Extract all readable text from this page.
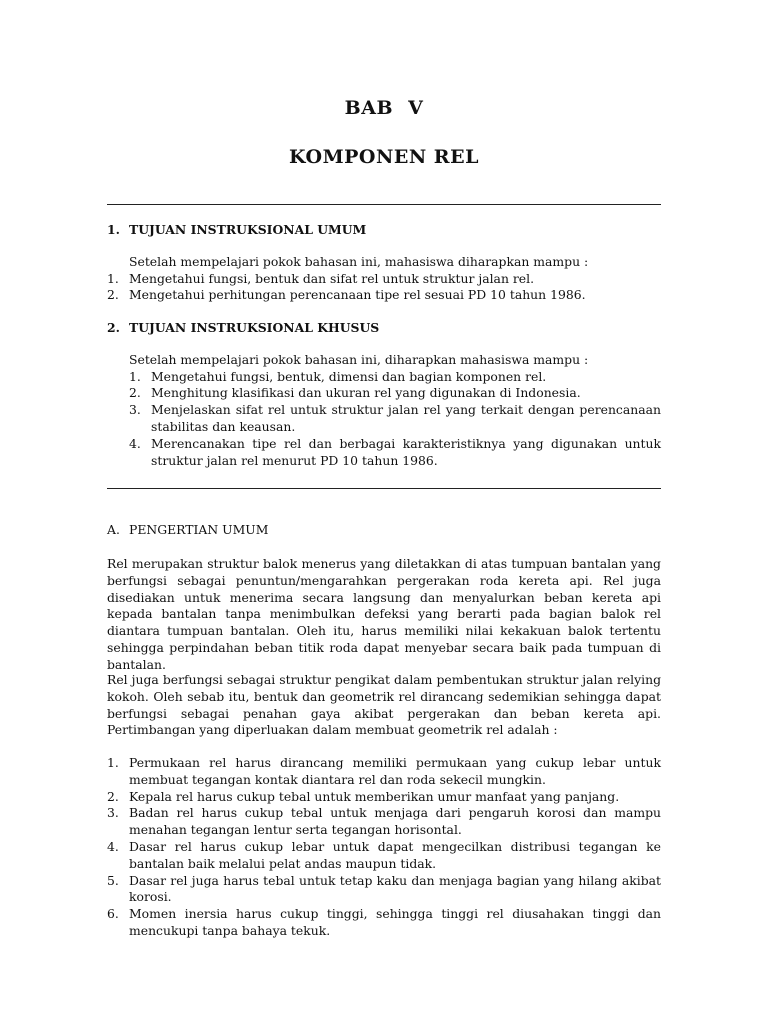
BAB V
KOMPONEN REL
1. TUJUAN INSTRUKSIONAL UMUM
Setelah mempelajari pokok bahasan ini, mahasiswa diharapkan mampu :
1. Mengetahui fungsi, bentuk dan sifat rel untuk struktur jalan rel.
2. Mengetahui perhitungan perencanaan tipe rel sesuai PD 10 tahun 1986.
2. TUJUAN INSTRUKSIONAL KHUSUS
Setelah mempelajari pokok bahasan ini, diharapkan mahasiswa mampu :
1. Mengetahui fungsi, bentuk, dimensi dan bagian komponen rel.
2. Menghitung klasifikasi dan ukuran rel yang digunakan di Indonesia.
3. Menjelaskan sifat rel untuk struktur jalan rel yang terkait dengan perencanaan stabilitas dan keausan.
4. Merencanakan tipe rel dan berbagai karakteristiknya yang digunakan untuk struktur jalan rel menurut PD 10 tahun 1986.
A. PENGERTIAN UMUM
Rel merupakan struktur balok menerus yang diletakkan di atas tumpuan bantalan yang berfungsi sebagai penuntun/mengarahkan pergerakan roda kereta api. Rel juga disediakan untuk menerima secara langsung dan menyalurkan beban kereta api kepada bantalan tanpa menimbulkan defeksi yang berarti pada bagian balok rel diantara tumpuan bantalan. Oleh itu, harus memiliki nilai kekakuan balok tertentu sehingga perpindahan beban titik roda dapat menyebar secara baik pada tumpuan di bantalan.
Rel juga berfungsi sebagai struktur pengikat dalam pembentukan struktur jalan relying kokoh. Oleh sebab itu, bentuk dan geometrik rel dirancang sedemikian sehingga dapat berfungsi sebagai penahan gaya akibat pergerakan dan beban kereta api. Pertimbangan yang diperluakan dalam membuat geometrik rel adalah :
1. Permukaan rel harus dirancang memiliki permukaan yang cukup lebar untuk membuat tegangan kontak diantara rel dan roda sekecil mungkin.
2. Kepala rel harus cukup tebal untuk memberikan umur manfaat yang panjang.
3. Badan rel harus cukup tebal untuk menjaga dari pengaruh korosi dan mampu menahan tegangan lentur serta tegangan horisontal.
4. Dasar rel harus cukup lebar untuk dapat mengecilkan distribusi tegangan ke bantalan baik melalui pelat andas maupun tidak.
5. Dasar rel juga harus tebal untuk tetap kaku dan menjaga bagian yang hilang akibat korosi.
6. Momen inersia harus cukup tinggi, sehingga tinggi rel diusahakan tinggi dan mencukupi tanpa bahaya tekuk.
